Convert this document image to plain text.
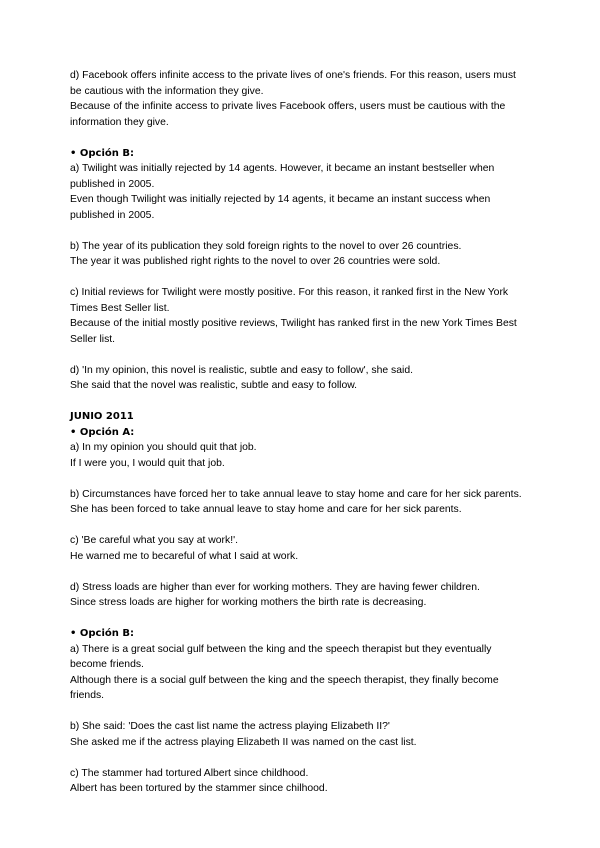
d) Facebook offers infinite access to the private lives of one's friends. For this reason, users must be cautious with the information they give.

Because of the infinite access to private lives Facebook offers, users must be cautious with the information they give.

• Opción B:

a) Twilight was initially rejected by 14 agents. However, it became an instant bestseller when published in 2005.

Even though Twilight was initially rejected by 14 agents, it became an instant success when published in 2005.

b) The year of its publication they sold foreign rights to the novel to over 26 countries.

The year it was published right rights to the novel to over 26 countries were sold.

c) Initial reviews for Twilight were mostly positive. For this reason, it ranked first in the New York Times Best Seller list.

Because of the initial mostly positive reviews, Twilight has ranked first in the new York Times Best Seller list.

d) 'In my opinion, this novel is realistic, subtle and easy to follow', she said.

She said that the novel was realistic, subtle and easy to follow.

JUNIO 2011

• Opción A:

a) In my opinion you should quit that job.

If I were you, I would quit that job.

b) Circumstances have forced her to take annual leave to stay home and care for her sick parents.

She has been forced to take annual leave to stay home and care for her sick parents.

c) 'Be careful what you say at work!'.

He warned me to becareful of what I said at work.

d) Stress loads are higher than ever for working mothers. They are having fewer children.

Since stress loads are higher for working mothers the birth rate is decreasing.

• Opción B:

a) There is a great social gulf between the king and the speech therapist but they eventually become friends.

Although there is a social gulf between the king and the speech therapist, they finally become friends.

b) She said: 'Does the cast list name the actress playing Elizabeth II?'

She asked me if the actress playing Elizabeth II was named on the cast list.

c) The stammer had tortured Albert since childhood.

Albert has been tortured by the stammer since chilhood.
